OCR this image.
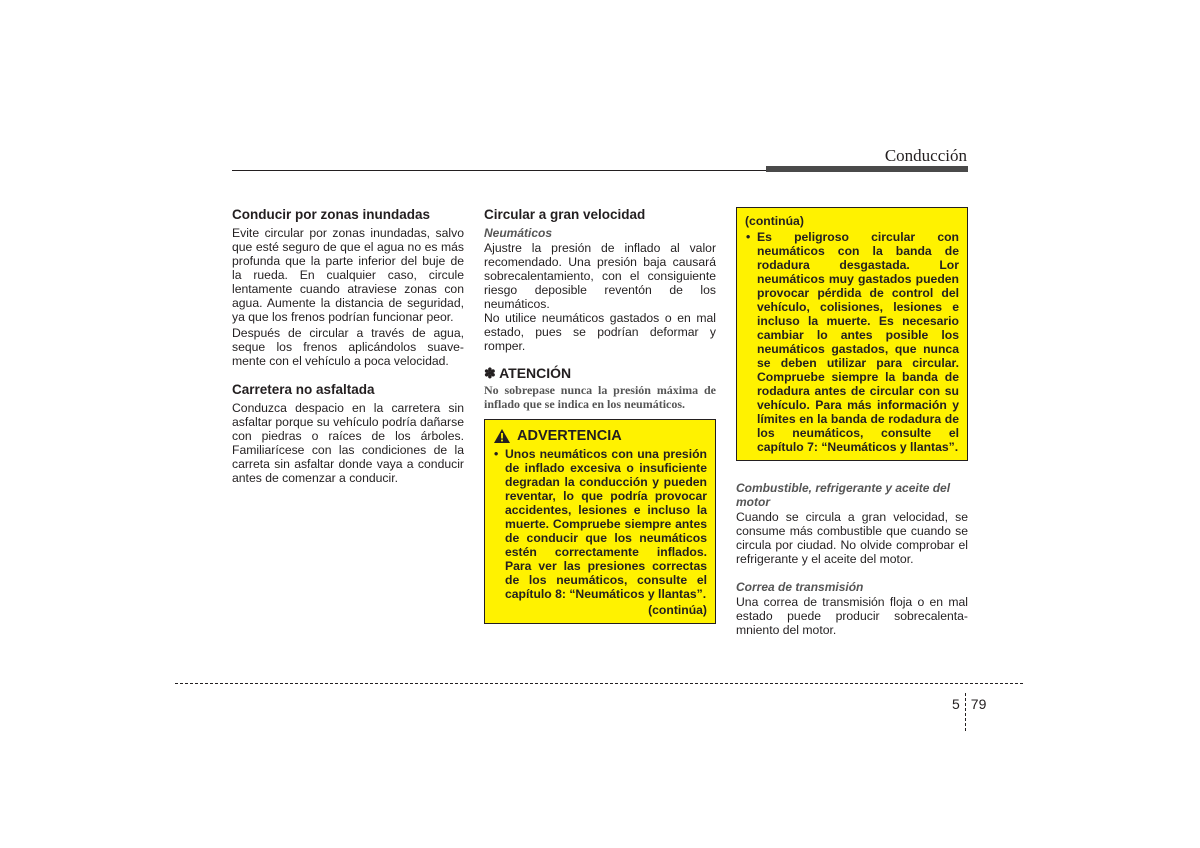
Conducción
Conducir por zonas inundadas

Evite circular por zonas inundadas, salvo que esté seguro de que el agua no es más profunda que la parte inferior del buje de la rueda. En cualquier caso, circule lentamente cuando atraviese zonas con agua. Aumente la distancia de seguridad, ya que los frenos podrían funcionar peor.

Después de circular a través de agua, seque los frenos aplicándolos suave-mente con el vehículo a poca velocidad.

Carretera no asfaltada

Conduzca despacio en la carretera sin asfaltar porque su vehículo podría dañarse con piedras o raíces de los árboles. Familiarícese con las condiciones de la carreta sin asfaltar donde vaya a conducir antes de comenzar a conducir.

Circular a gran velocidad
Neumáticos

Ajustre la presión de inflado al valor recomendado. Una presión baja causará sobrecalentamiento, con el consiguiente riesgo deposible reventón de los neumáticos.

No utilice neumáticos gastados o en mal estado, pues se podrían deformar y romper.

✽ ATENCIÓN
No sobrepase nunca la presión máxima de inflado que se indica en los neumáticos.
ADVERTENCIA
• Unos neumáticos con una presión de inflado excesiva o insuficiente degradan la conducción y pueden reventar, lo que podría provocar accidentes, lesiones e incluso la muerte. Compruebe siempre antes de conducir que los neumáticos estén correctamente inflados. Para ver las presiones correctas de los neumáticos, consulte el capítulo 8: “Neumáticos y llantas”.
(continúa)
(continúa)
• Es peligroso circular con neumáticos con la banda de rodadura desgastada. Lor neumáticos muy gastados pueden provocar pérdida de control del vehículo, colisiones, lesiones e incluso la muerte. Es necesario cambiar lo antes posible los neumáticos gastados, que nunca se deben utilizar para circular. Compruebe siempre la banda de rodadura antes de circular con su vehículo. Para más información y límites en la banda de rodadura de los neumáticos, consulte el capítulo 7: “Neumáticos y llantas”.
Combustible, refrigerante y aceite del motor

Cuando se circula a gran velocidad, se consume más combustible que cuando se circula por ciudad. No olvide comprobar el refrigerante y el aceite del motor.

Correa de transmisión

Una correa de transmisión floja o en mal estado puede producir sobrecalenta-mniento del motor.

5 79
